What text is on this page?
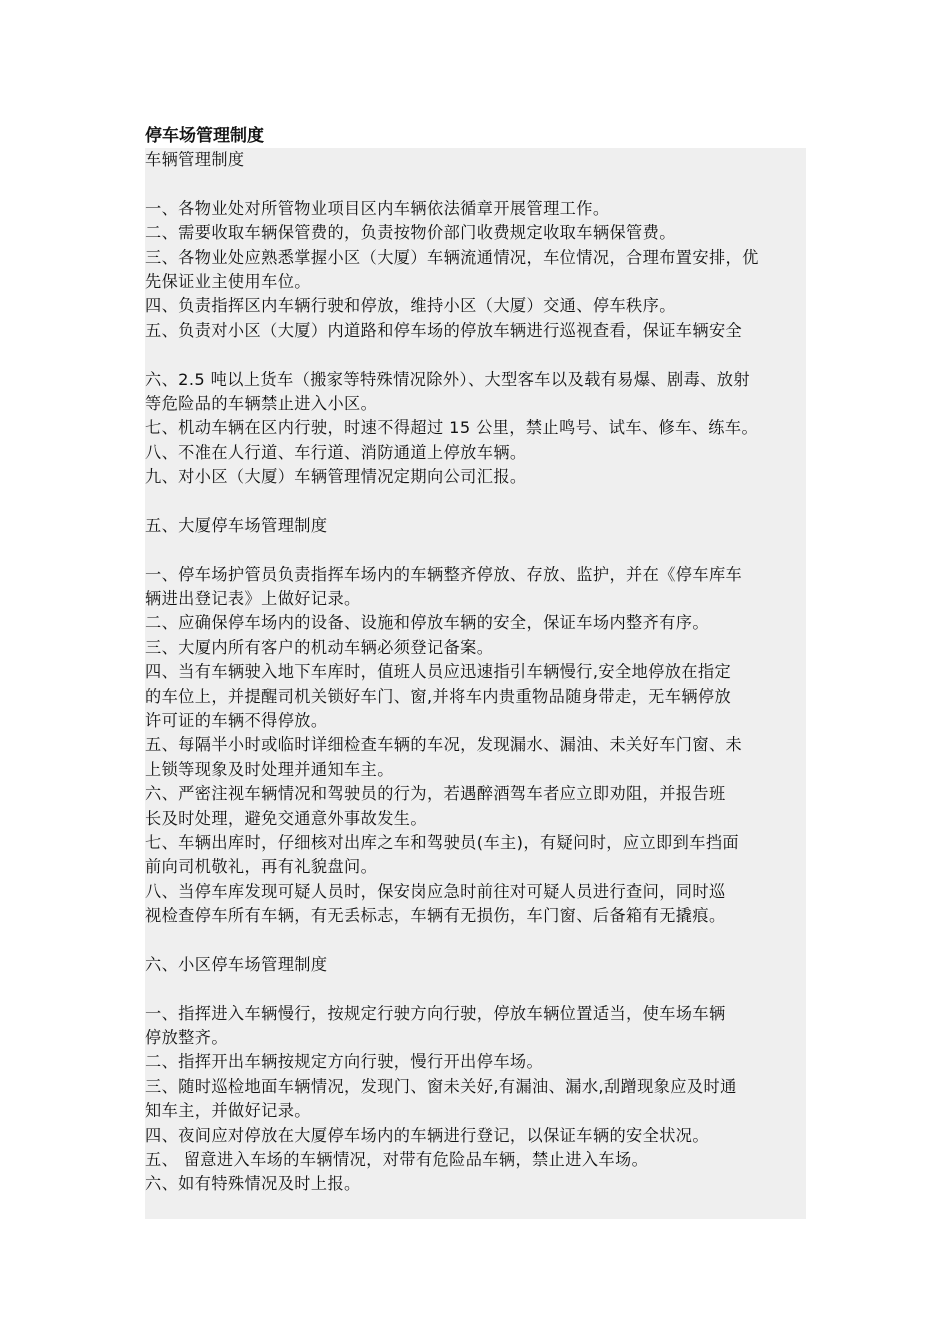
停车场管理制度
车辆管理制度
一、各物业处对所管物业项目区内车辆依法循章开展管理工作。
二、需要收取车辆保管费的，负责按物价部门收费规定收取车辆保管费。
三、各物业处应熟悉掌握小区（大厦）车辆流通情况，车位情况，合理布置安排，优
先保证业主使用车位。
四、负责指挥区内车辆行驶和停放，维持小区（大厦）交通、停车秩序。
五、负责对小区（大厦）内道路和停车场的停放车辆进行巡视查看，保证车辆安全
六、2.5 吨以上货车（搬家等特殊情况除外）、大型客车以及载有易爆、剧毒、放射
等危险品的车辆禁止进入小区。
七、机动车辆在区内行驶，时速不得超过 15 公里，禁止鸣号、试车、修车、练车。
八、不准在人行道、车行道、消防通道上停放车辆。
九、对小区（大厦）车辆管理情况定期向公司汇报。
五、大厦停车场管理制度
一、停车场护管员负责指挥车场内的车辆整齐停放、存放、监护，并在《停车库车
辆进出登记表》上做好记录。
二、应确保停车场内的设备、设施和停放车辆的安全，保证车场内整齐有序。
三、大厦内所有客户的机动车辆必须登记备案。
四、当有车辆驶入地下车库时，值班人员应迅速指引车辆慢行,安全地停放在指定
的车位上，并提醒司机关锁好车门、窗,并将车内贵重物品随身带走，无车辆停放
许可证的车辆不得停放。
五、每隔半小时或临时详细检查车辆的车况，发现漏水、漏油、未关好车门窗、未
上锁等现象及时处理并通知车主。
六、严密注视车辆情况和驾驶员的行为，若遇醉酒驾车者应立即劝阻，并报告班
长及时处理，避免交通意外事故发生。
七、车辆出库时，仔细核对出库之车和驾驶员(车主)，有疑问时，应立即到车挡面
前向司机敬礼，再有礼貌盘问。
八、当停车库发现可疑人员时，保安岗应急时前往对可疑人员进行查问，同时巡
视检查停车所有车辆，有无丢标志，车辆有无损伤，车门窗、后备箱有无撬痕。
六、小区停车场管理制度
一、指挥进入车辆慢行，按规定行驶方向行驶，停放车辆位置适当，使车场车辆
停放整齐。
二、指挥开出车辆按规定方向行驶，慢行开出停车场。
三、随时巡检地面车辆情况，发现门、窗未关好,有漏油、漏水,刮蹭现象应及时通
知车主，并做好记录。
四、夜间应对停放在大厦停车场内的车辆进行登记，以保证车辆的安全状况。
五、 留意进入车场的车辆情况，对带有危险品车辆，禁止进入车场。
六、如有特殊情况及时上报。
